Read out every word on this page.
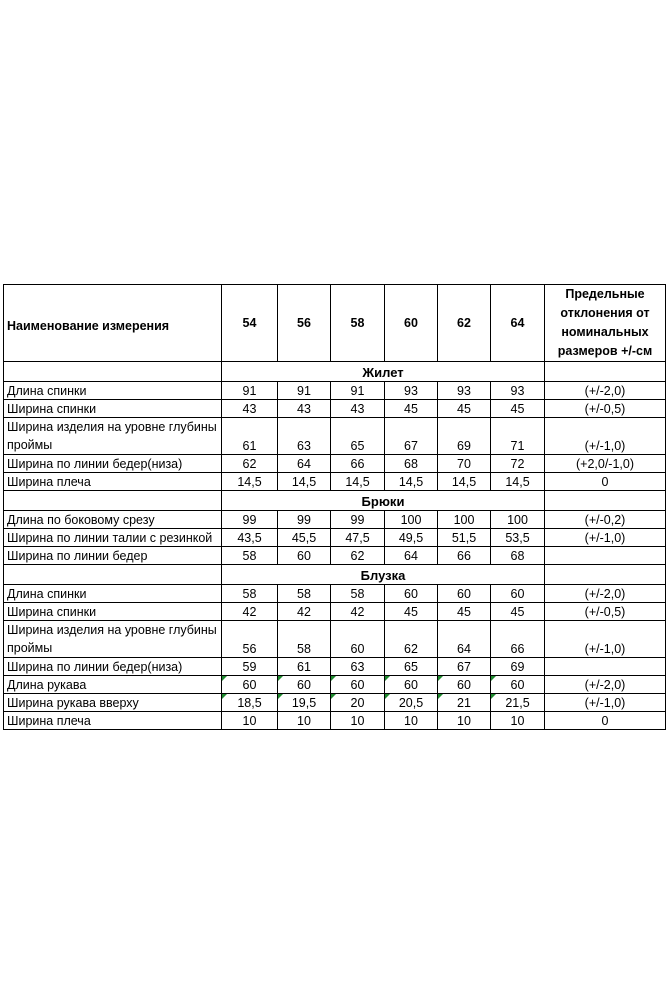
Наименование измерения	54	56	58	60	62	64	Предельные отклонения от номинальных размеров +/-см
	Жилет						
Длина спинки	91	91	91	93	93	93	(+/-2,0)
Ширина спинки	43	43	43	45	45	45	(+/-0,5)
Ширина изделия на уровне глубины проймы	61	63	65	67	69	71	(+/-1,0)
Ширина по линии бедер(низа)	62	64	66	68	70	72	(+2,0/-1,0)
Ширина плеча	14,5	14,5	14,5	14,5	14,5	14,5	0
	Брюки						
Длина по боковому срезу	99	99	99	100	100	100	(+/-0,2)
Ширина по линии талии с резинкой	43,5	45,5	47,5	49,5	51,5	53,5	(+/-1,0)
Ширина по линии бедер	58	60	62	64	66	68	
	Блузка						
Длина спинки	58	58	58	60	60	60	(+/-2,0)
Ширина спинки	42	42	42	45	45	45	(+/-0,5)
Ширина изделия на уровне глубины проймы	56	58	60	62	64	66	(+/-1,0)
Ширина по линии бедер(низа)	59	61	63	65	67	69	
Длина рукава	60	60	60	60	60	60	(+/-2,0)
Ширина рукава вверху	18,5	19,5	20	20,5	21	21,5	(+/-1,0)
Ширина плеча	10	10	10	10	10	10	0
